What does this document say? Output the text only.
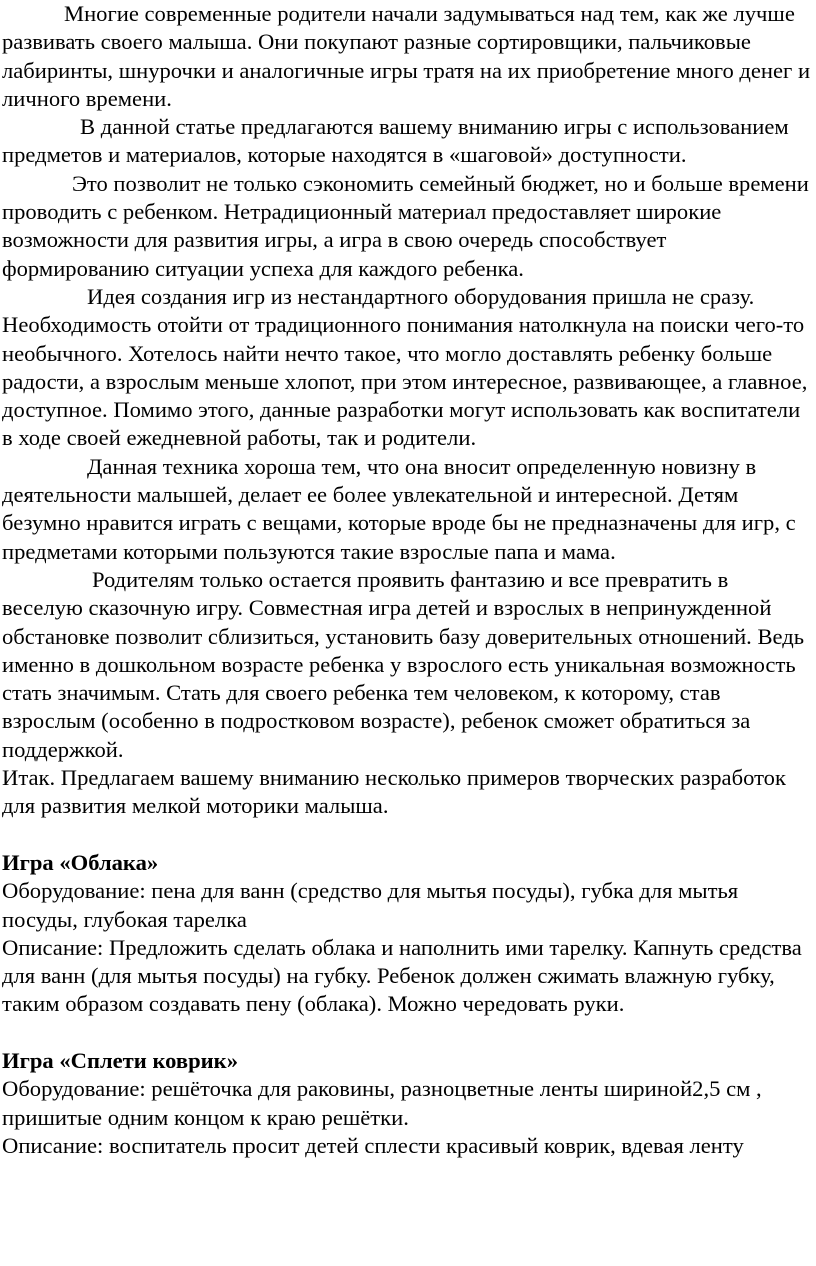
Многие современные родители начали задумываться над тем, как же лучше развивать своего малыша. Они покупают разные сортировщики, пальчиковые лабиринты, шнурочки и аналогичные игры тратя на их приобретение много денег и личного времени.

В данной статье предлагаются вашему вниманию игры с использованием предметов и материалов, которые находятся в «шаговой» доступности.

Это позволит не только сэкономить семейный бюджет, но и больше времени проводить с ребенком. Нетрадиционный материал предоставляет широкие возможности для развития игры, а игра в свою очередь способствует формированию ситуации успеха для каждого ребенка.

Идея создания игр из нестандартного оборудования пришла не сразу. Необходимость отойти от традиционного понимания натолкнула на поиски чего-то необычного. Хотелось найти нечто такое, что могло доставлять ребенку больше радости, а взрослым меньше хлопот, при этом интересное, развивающее, а главное, доступное. Помимо этого, данные разработки могут использовать как воспитатели в ходе своей ежедневной работы, так и родители.

Данная техника хороша тем, что она вносит определенную новизну в деятельности малышей, делает ее более увлекательной и интересной. Детям безумно нравится играть с вещами, которые вроде бы не предназначены для игр, с предметами которыми пользуются такие взрослые папа и мама.

Родителям только остается проявить фантазию и все превратить в веселую сказочную игру. Совместная игра детей и взрослых в непринужденной обстановке позволит сблизиться, установить базу доверительных отношений. Ведь именно в дошкольном возрасте ребенка у взрослого есть уникальная возможность стать значимым. Стать для своего ребенка тем человеком, к которому, став взрослым (особенно в подростковом возрасте), ребенок сможет обратиться за поддержкой.

Итак. Предлагаем вашему вниманию несколько примеров творческих разработок для развития мелкой моторики малыша.

Игра «Облака»

Оборудование: пена для ванн (средство для мытья посуды), губка для мытья посуды, глубокая тарелка

Описание: Предложить сделать облака и наполнить ими тарелку. Капнуть средства для ванн (для мытья посуды) на губку. Ребенок должен сжимать влажную губку, таким образом создавать пену (облака). Можно чередовать руки.

Игра «Сплети коврик»

Оборудование: решёточка для раковины, разноцветные ленты шириной2,5 см , пришитые одним концом к краю решётки.

Описание: воспитатель просит детей сплести красивый коврик, вдевая ленту
